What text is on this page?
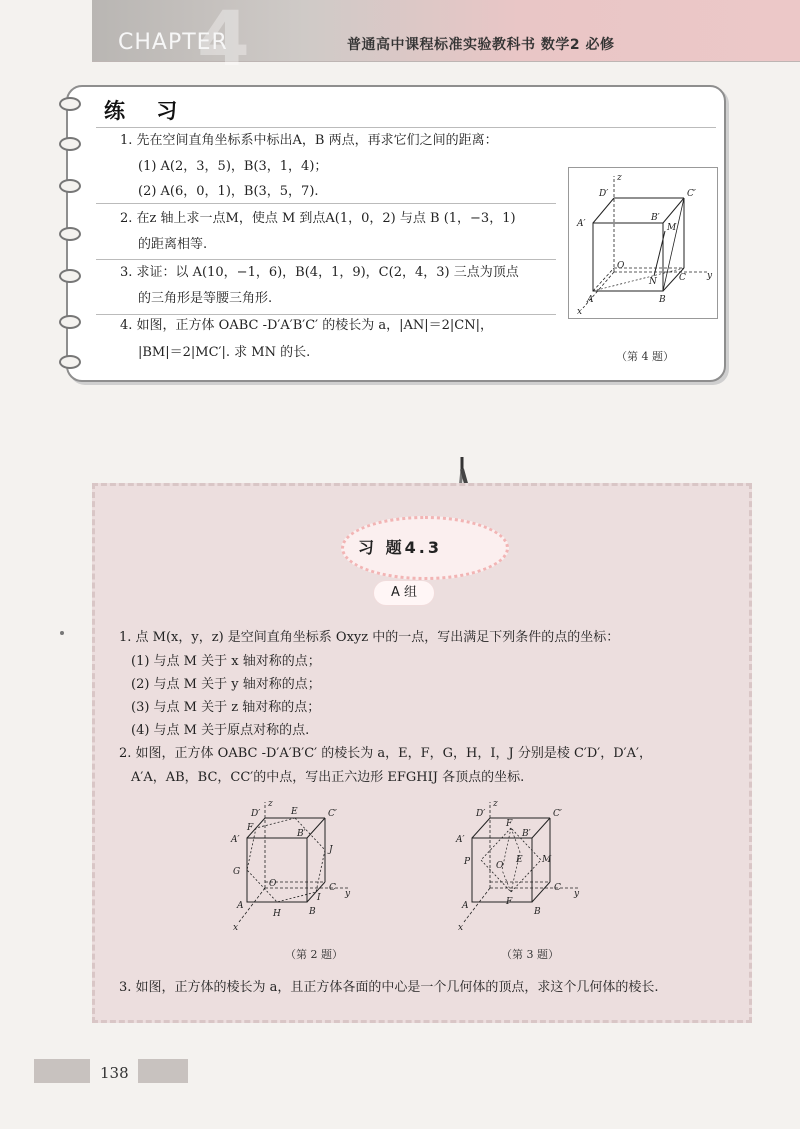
4
CHAPTER	普通高中课程标准实验教科书 数学2 必修
练 习
1. 先在空间直角坐标系中标出A，B 两点，再求它们之间的距离：
(1) A(2，3，5)，B(3，1，4)；
(2) A(6，0，1)，B(3，5，7).
2. 在z 轴上求一点M，使点 M 到点A(1，0，2) 与点 B (1，−3，1)
的距离相等.
3. 求证：以 A(10，−1，6)，B(4，1，9)，C(2，4，3) 三点为顶点
的三角形是等腰三角形.
4. 如图，正方体 OABC -D′A′B′C′ 的棱长为 a，|AN|＝2|CN|，
|BM|＝2|MC′|. 求 MN 的长.
z
D′	C′
A′
B′
M
O
N C y
A	B
x
（第 4 题）
习 题4.3
A 组
1. 点 M(x，y，z) 是空间直角坐标系 Oxyz 中的一点，写出满足下列条件的点的坐标：
(1) 与点 M 关于 x 轴对称的点；
(2) 与点 M 关于 y 轴对称的点；
(3) 与点 M 关于 z 轴对称的点；
(4) 与点 M 关于原点对称的点.
2. 如图，正方体 OABC -D′A′B′C′ 的棱长为 a，E，F，G，H，I，J 分别是棱 C′D′，D′A′，
A′A，AB，BC，CC′的中点，写出正六边形 EFGHIJ 各顶点的坐标.
z
D′	E	C′
F
A′
B′
J
G
O
I
C
y
A
H	B
x
（第 2 题）
z
D′	C′
F
A′
B′
P	O
E M
C
y
A	F
B
x
（第 3 题）
3. 如图，正方体的棱长为 a，且正方体各面的中心是一个几何体的顶点，求这个几何体的棱长.
138
